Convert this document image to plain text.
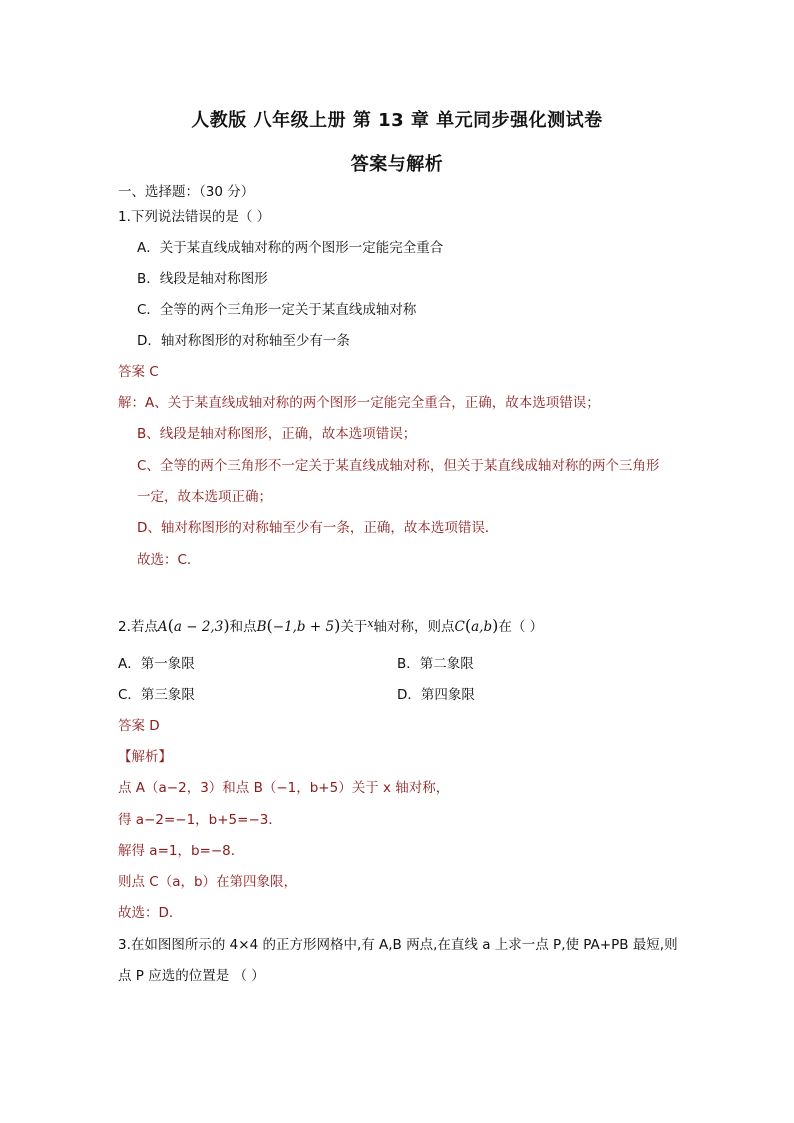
人教版 八年级上册 第 13 章 单元同步强化测试卷
答案与解析
一、选择题：（30 分）
1.下列说法错误的是（ ）
A．关于某直线成轴对称的两个图形一定能完全重合
B．线段是轴对称图形
C．全等的两个三角形一定关于某直线成轴对称
D．轴对称图形的对称轴至少有一条
答案 C
解：A、关于某直线成轴对称的两个图形一定能完全重合，正确，故本选项错误；
B、线段是轴对称图形，正确，故本选项错误；
C、全等的两个三角形不一定关于某直线成轴对称，但关于某直线成轴对称的两个三角形
一定，故本选项正确；
D、轴对称图形的对称轴至少有一条，正确，故本选项错误．
故选：C．
2.若点A(a − 2,3)和点B(−1,b + 5)关于$^x$轴对称，则点C(a,b)在（ ）
A．第一象限	B．第二象限
C．第三象限	D．第四象限
答案 D
【解析】
点 A（a−2，3）和点 B（−1，b+5）关于 x 轴对称，
得 a−2=−1，b+5=−3．
解得 a=1，b=−8．
则点 C（a，b）在第四象限，
故选：D．
3.在如图图所示的 4×4 的正方形网格中,有 A,B 两点,在直线 a 上求一点 P,使 PA+PB 最短,则
点 P 应选的位置是 （ ）
